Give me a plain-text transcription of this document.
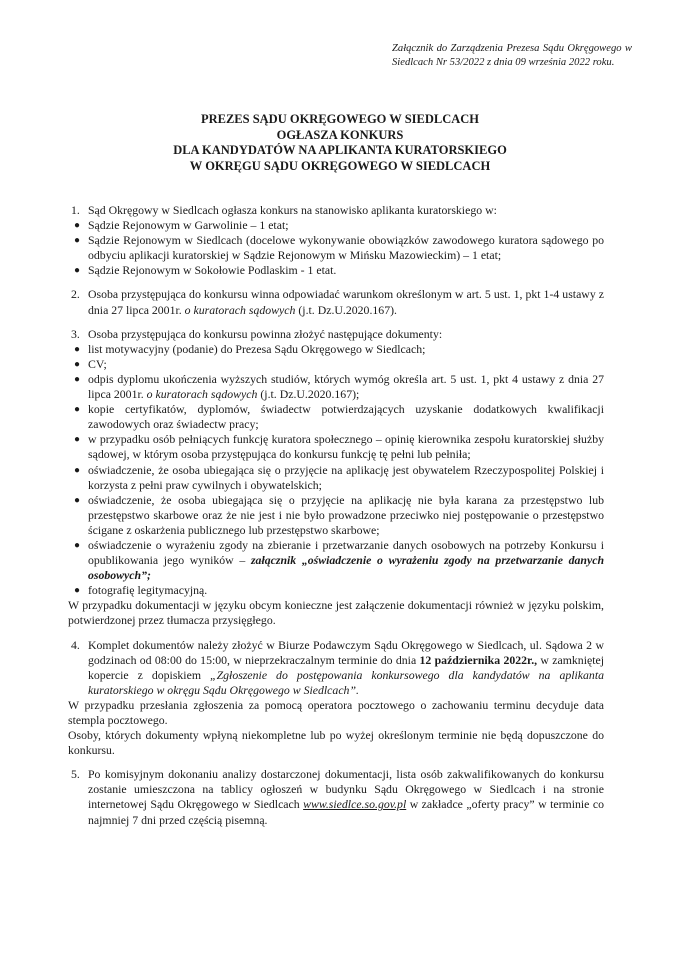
Załącznik do Zarządzenia Prezesa Sądu Okręgowego w Siedlcach Nr 53/2022 z dnia 09 września 2022 roku.
PREZES SĄDU OKRĘGOWEGO W SIEDLCACH
OGŁASZA KONKURS
DLA KANDYDATÓW NA APLIKANTA KURATORSKIEGO
W OKRĘGU SĄDU OKRĘGOWEGO W SIEDLCACH
1. Sąd Okręgowy w Siedlcach ogłasza konkurs na stanowisko aplikanta kuratorskiego w:
● Sądzie Rejonowym w Garwolinie – 1 etat;
● Sądzie Rejonowym w Siedlcach (docelowe wykonywanie obowiązków zawodowego kuratora sądowego po odbyciu aplikacji kuratorskiej w Sądzie Rejonowym w Mińsku Mazowieckim) – 1 etat;
● Sądzie Rejonowym w Sokołowie Podlaskim - 1 etat.
2. Osoba przystępująca do konkursu winna odpowiadać warunkom określonym w art. 5 ust. 1, pkt 1-4 ustawy z dnia 27 lipca 2001r. o kuratorach sądowych (j.t. Dz.U.2020.167).
3. Osoba przystępująca do konkursu powinna złożyć następujące dokumenty:
● list motywacyjny (podanie) do Prezesa Sądu Okręgowego w Siedlcach;
● CV;
● odpis dyplomu ukończenia wyższych studiów, których wymóg określa art. 5 ust. 1, pkt 4 ustawy z dnia 27 lipca 2001r. o kuratorach sądowych (j.t. Dz.U.2020.167);
● kopie certyfikatów, dyplomów, świadectw potwierdzających uzyskanie dodatkowych kwalifikacji zawodowych oraz świadectw pracy;
● w przypadku osób pełniących funkcję kuratora społecznego – opinię kierownika zespołu kuratorskiej służby sądowej, w którym osoba przystępująca do konkursu funkcję tę pełni lub pełniła;
● oświadczenie, że osoba ubiegająca się o przyjęcie na aplikację jest obywatelem Rzeczypospolitej Polskiej i korzysta z pełni praw cywilnych i obywatelskich;
● oświadczenie, że osoba ubiegająca się o przyjęcie na aplikację nie była karana za przestępstwo lub przestępstwo skarbowe oraz że nie jest i nie było prowadzone przeciwko niej postępowanie o przestępstwo ścigane z oskarżenia publicznego lub przestępstwo skarbowe;
● oświadczenie o wyrażeniu zgody na zbieranie i przetwarzanie danych osobowych na potrzeby Konkursu i opublikowania jego wyników – załącznik „oświadczenie o wyrażeniu zgody na przetwarzanie danych osobowych”;
● fotografię legitymacyjną.
W przypadku dokumentacji w języku obcym konieczne jest załączenie dokumentacji również w języku polskim, potwierdzonej przez tłumacza przysięgłego.
4. Komplet dokumentów należy złożyć w Biurze Podawczym Sądu Okręgowego w Siedlcach, ul. Sądowa 2 w godzinach od 08:00 do 15:00, w nieprzekraczalnym terminie do dnia 12 października 2022r., w zamkniętej kopercie z dopiskiem „Zgłoszenie do postępowania konkursowego dla kandydatów na aplikanta kuratorskiego w okręgu Sądu Okręgowego w Siedlcach”.
W przypadku przesłania zgłoszenia za pomocą operatora pocztowego o zachowaniu terminu decyduje data stempla pocztowego.
Osoby, których dokumenty wpłyną niekompletne lub po wyżej określonym terminie nie będą dopuszczone do konkursu.
5. Po komisyjnym dokonaniu analizy dostarczonej dokumentacji, lista osób zakwalifikowanych do konkursu zostanie umieszczona na tablicy ogłoszeń w budynku Sądu Okręgowego w Siedlcach i na stronie internetowej Sądu Okręgowego w Siedlcach www.siedlce.so.gov.pl w zakładce „oferty pracy” w terminie co najmniej 7 dni przed częścią pisemną.
